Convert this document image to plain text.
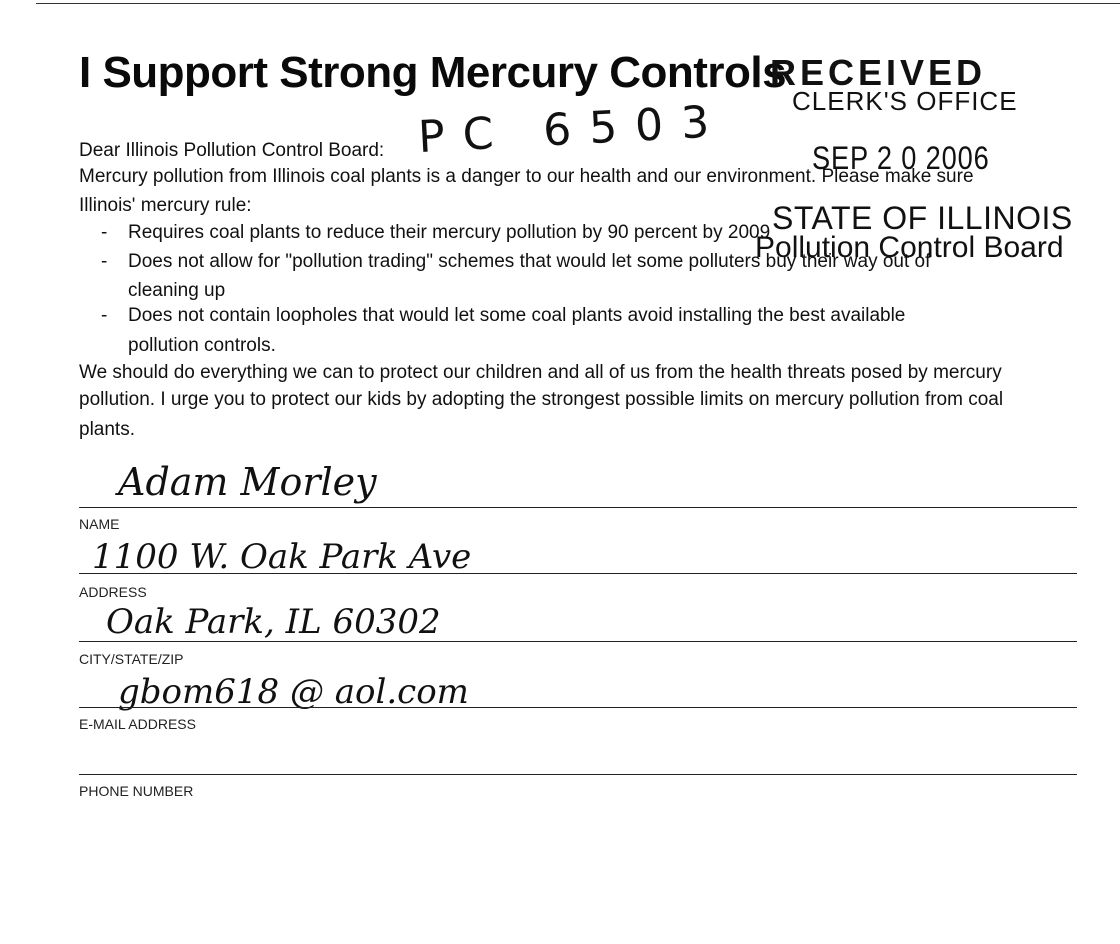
I Support Strong Mercury Controls
RECEIVED
CLERK'S OFFICE
SEP 2 0 2006
STATE OF ILLINOIS
Pollution Control Board
Dear Illinois Pollution Control Board: PC 6503
Mercury pollution from Illinois coal plants is a danger to our health and our environment. Please make sure
Illinois' mercury rule:
- Requires coal plants to reduce their mercury pollution by 90 percent by 2009
- Does not allow for "pollution trading" schemes that would let some polluters buy their way out of
cleaning up
- Does not contain loopholes that would let some coal plants avoid installing the best available
pollution controls.
We should do everything we can to protect our children and all of us from the health threats posed by mercury
pollution. I urge you to protect our kids by adopting the strongest possible limits on mercury pollution from coal
plants.
Adam Morley
NAME
1100 W. Oak Park Ave
ADDRESS
Oak Park, IL 60302
CITY/STATE/ZIP
gbom618 @ aol.com
E-MAIL ADDRESS
PHONE NUMBER
